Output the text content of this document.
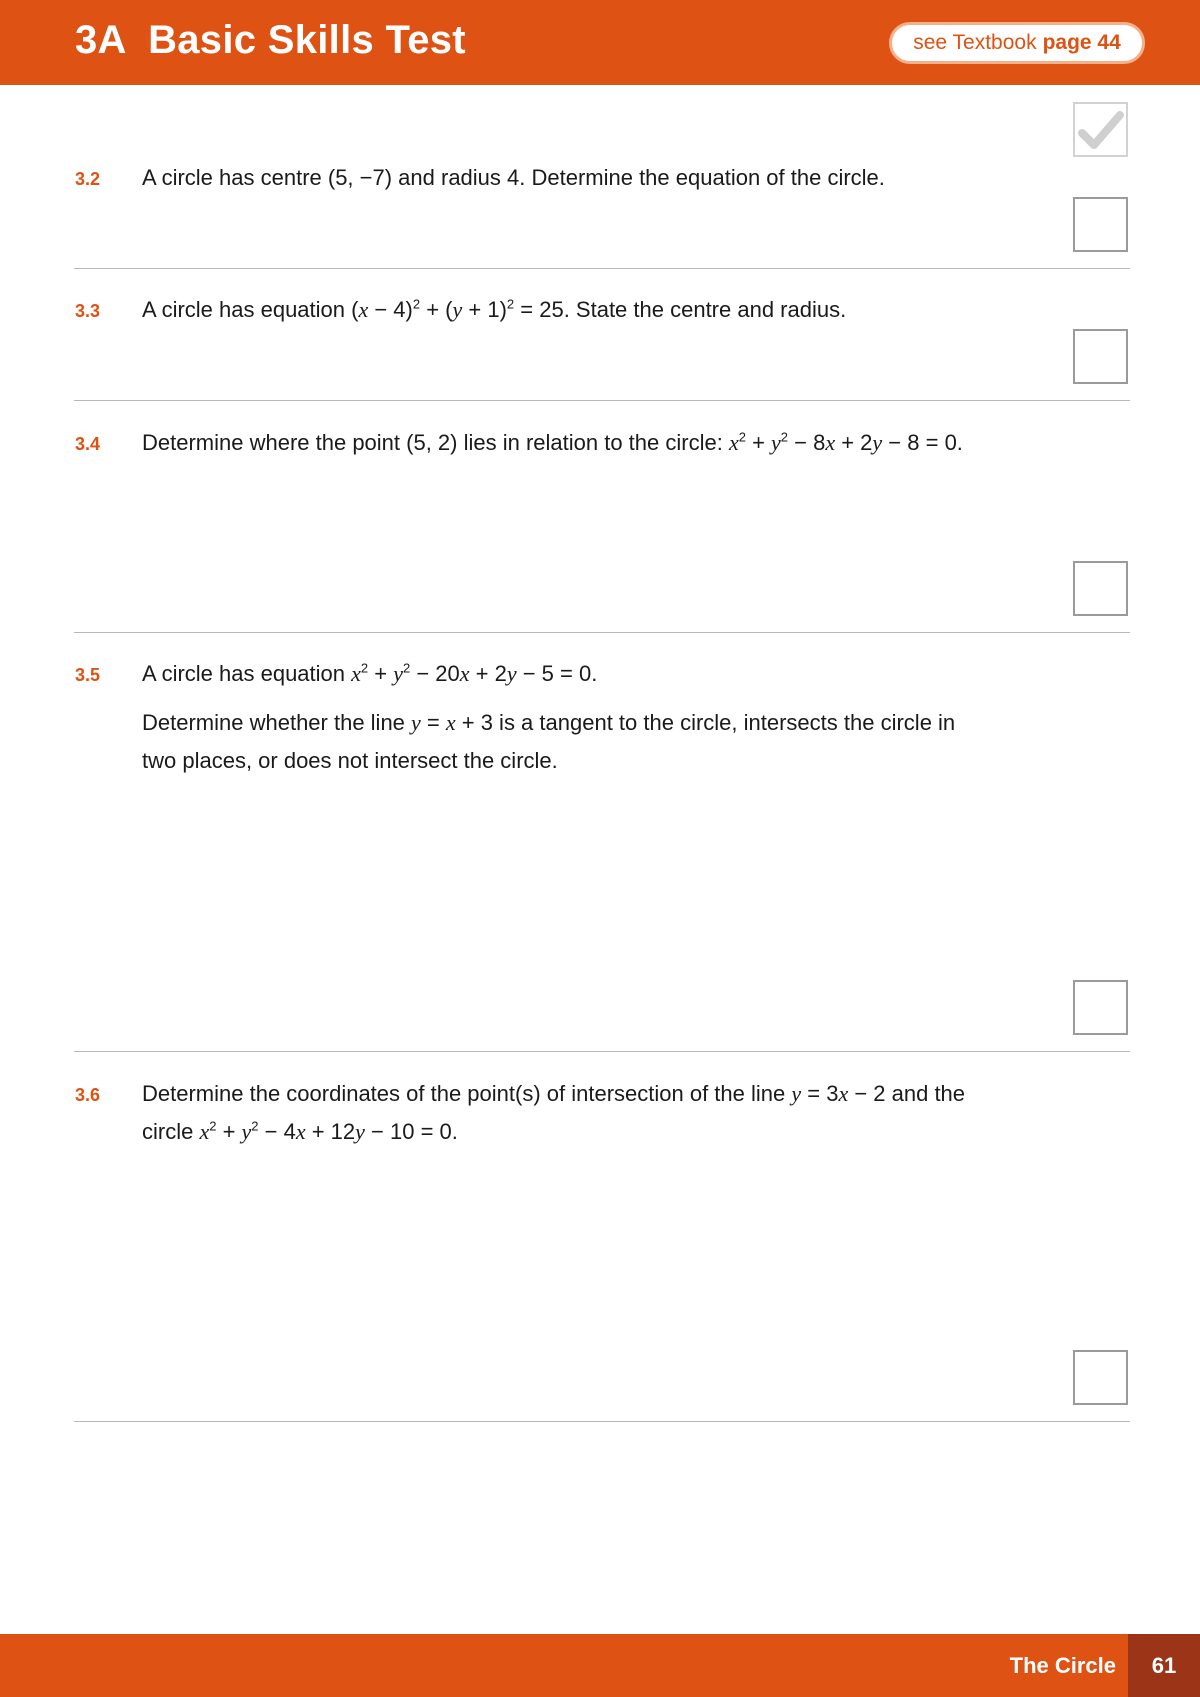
3A Basic Skills Test	see Textbook page 44
3.2 A circle has centre (5, −7) and radius 4. Determine the equation of the circle.

3.3 A circle has equation $(x - 4)^2 + (y + 1)^2 = 25$. State the centre and radius.

3.4 Determine where the point (5, 2) lies in relation to the circle: $x^2 + y^2 - 8x + 2y - 8 = 0$.

3.5 A circle has equation $x^2 + y^2 - 20x + 2y - 5 = 0$.

Determine whether the line y = x + 3 is a tangent to the circle, intersects the circle in two places, or does not intersect the circle.

3.6 Determine the coordinates of the point(s) of intersection of the line y = 3x − 2 and the circle $x^2 + y^2 - 4x + 12y - 10 = 0$.

The Circle	61
